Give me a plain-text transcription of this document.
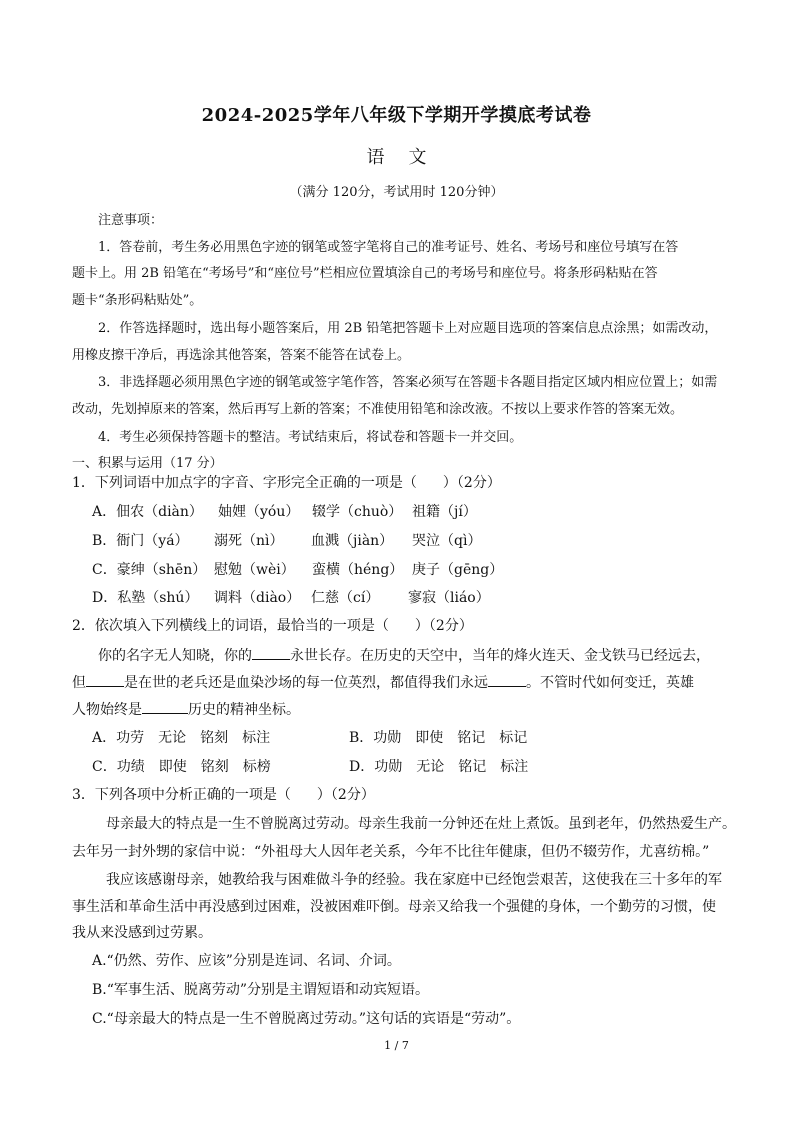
2024-2025学年八年级下学期开学摸底考试卷
语文
（满分 120分，考试用时 120分钟）
注意事项：
1．答卷前，考生务必用黑色字迹的钢笔或签字笔将自己的准考证号、姓名、考场号和座位号填写在答
题卡上。用 2B 铅笔在“考场号”和“座位号”栏相应位置填涂自己的考场号和座位号。将条形码粘贴在答
题卡“条形码粘贴处”。
2．作答选择题时，选出每小题答案后，用 2B 铅笔把答题卡上对应题目选项的答案信息点涂黑；如需改动，
用橡皮擦干净后，再选涂其他答案，答案不能答在试卷上。
3．非选择题必须用黑色字迹的钢笔或签字笔作答，答案必须写在答题卡各题目指定区域内相应位置上；如需
改动，先划掉原来的答案，然后再写上新的答案；不准使用铅笔和涂改液。不按以上要求作答的答案无效。
4．考生必须保持答题卡的整洁。考试结束后，将试卷和答题卡一并交回。
一、积累与运用（17 分）
1．下列词语中加点字的字音、字形完全正确的一项是（ ）（2分）
A．佃农（diàn） 妯娌（yóu） 辍学（chuò） 祖籍（jí）
B．衙门（yá） 溺死（nì） 血溅（jiàn） 哭泣（qì）
C．豪绅（shēn） 慰勉（wèi） 蛮横（héng） 庚子（gēng）
D．私塾（shú） 调料（diào） 仁慈（cí） 寥寂（liáo）
2．依次填入下列横线上的词语，最恰当的一项是（ ）（2分）
你的名字无人知晓，你的	永世长存。在历史的天空中，当年的烽火连天、金戈铁马已经远去，
但	是在世的老兵还是血染沙场的每一位英烈，都值得我们永远	。不管时代如何变迁，英雄
人物始终是	历史的精神坐标。
A．功劳　无论　铭刻　标注	B．功勋　即使　铭记　标记
C．功绩　即使　铭刻　标榜	D．功勋　无论　铭记　标注
3．下列各项中分析正确的一项是（ ）（2分）
母亲最大的特点是一生不曾脱离过劳动。母亲生我前一分钟还在灶上煮饭。虽到老年，仍然热爱生产。
去年另一封外甥的家信中说：“外祖母大人因年老关系，今年不比往年健康，但仍不辍劳作，尤喜纺棉。”
我应该感谢母亲，她教给我与困难做斗争的经验。我在家庭中已经饱尝艰苦，这使我在三十多年的军
事生活和革命生活中再没感到过困难，没被困难吓倒。母亲又给我一个强健的身体，一个勤劳的习惯，使
我从来没感到过劳累。
A.“仍然、劳作、应该”分别是连词、名词、介词。
B.“军事生活、脱离劳动”分别是主谓短语和动宾短语。
C.“母亲最大的特点是一生不曾脱离过劳动。”这句话的宾语是“劳动”。
1 / 7
